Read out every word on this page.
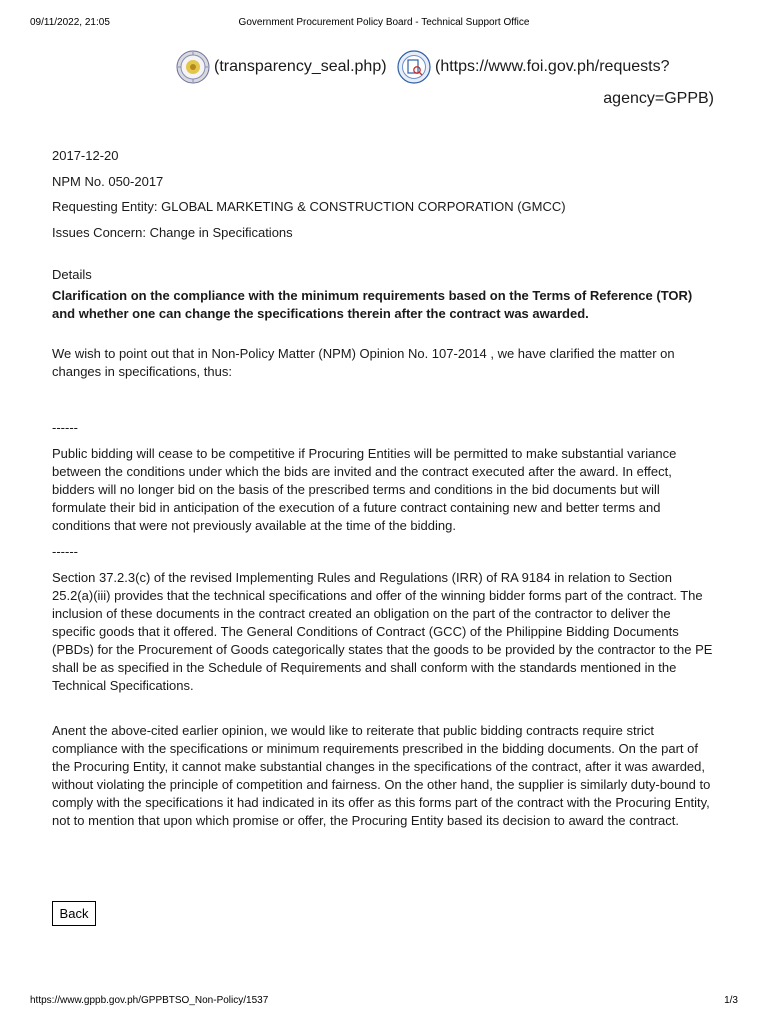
09/11/2022, 21:05	Government Procurement Policy Board - Technical Support Office
(transparency_seal.php)	(https://www.foi.gov.ph/requests?
agency=GPPB)
2017-12-20
NPM No. 050-2017
Requesting Entity: GLOBAL MARKETING & CONSTRUCTION CORPORATION (GMCC)
Issues Concern: Change in Specifications
Details

Clarification on the compliance with the minimum requirements based on the Terms of Reference (TOR) and whether one can change the specifications therein after the contract was awarded.

We wish to point out that in Non-Policy Matter (NPM) Opinion No. 107-2014 , we have clarified the matter on changes in specifications, thus:

------

Public bidding will cease to be competitive if Procuring Entities will be permitted to make substantial variance between the conditions under which the bids are invited and the contract executed after the award. In effect, bidders will no longer bid on the basis of the prescribed terms and conditions in the bid documents but will formulate their bid in anticipation of the execution of a future contract containing new and better terms and conditions that were not previously available at the time of the bidding.

------

Section 37.2.3(c) of the revised Implementing Rules and Regulations (IRR) of RA 9184 in relation to Section 25.2(a)(iii) provides that the technical specifications and offer of the winning bidder forms part of the contract. The inclusion of these documents in the contract created an obligation on the part of the contractor to deliver the specific goods that it offered. The General Conditions of Contract (GCC) of the Philippine Bidding Documents (PBDs) for the Procurement of Goods categorically states that the goods to be provided by the contractor to the PE shall be as specified in the Schedule of Requirements and shall conform with the standards mentioned in the Technical Specifications.

Anent the above-cited earlier opinion, we would like to reiterate that public bidding contracts require strict compliance with the specifications or minimum requirements prescribed in the bidding documents. On the part of the Procuring Entity, it cannot make substantial changes in the specifications of the contract, after it was awarded, without violating the principle of competition and fairness. On the other hand, the supplier is similarly duty-bound to comply with the specifications it had indicated in its offer as this forms part of the contract with the Procuring Entity, not to mention that upon which promise or offer, the Procuring Entity based its decision to award the contract.

Back
https://www.gppb.gov.ph/GPPBTSO_Non-Policy/1537	1/3
